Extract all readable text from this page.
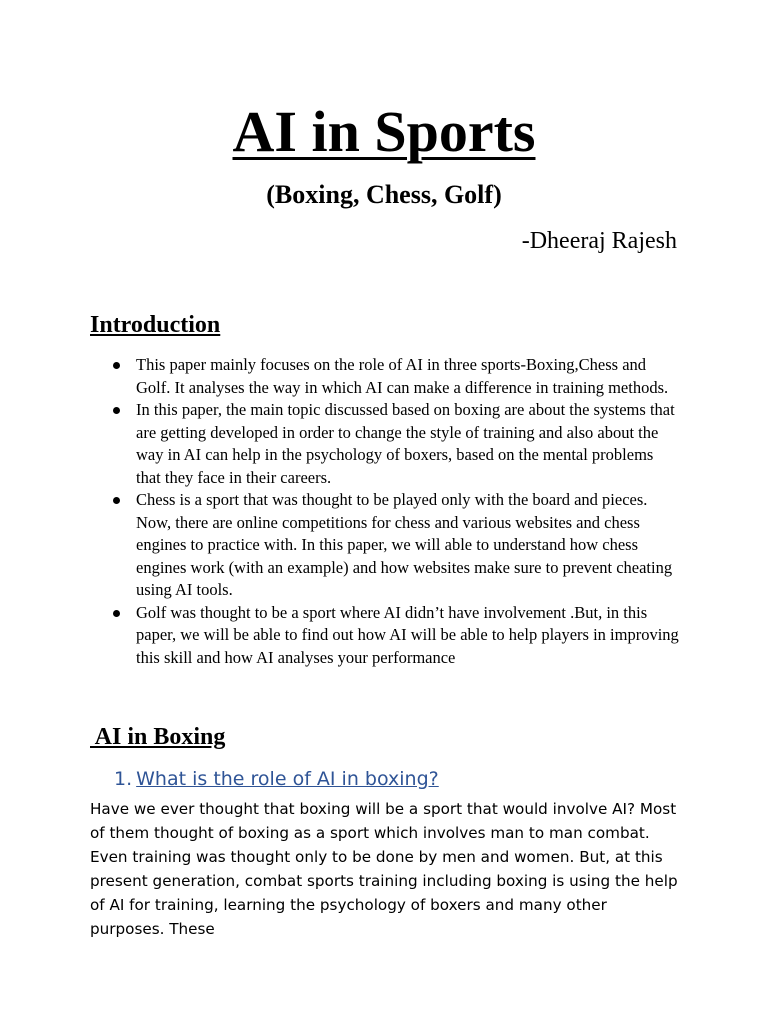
AI in Sports
(Boxing, Chess, Golf)
-Dheeraj Rajesh
Introduction
This paper mainly focuses on the role of AI in three sports-Boxing,Chess and Golf. It analyses the way in which AI can make a difference in training methods.
In this paper, the main topic discussed based on boxing are about the systems that are getting developed in order to change the style of training and also about the way in AI can help in the psychology of boxers, based on the mental problems that they face in their careers.
Chess is a sport that was thought to be played only with the board and pieces. Now, there are online competitions for chess and various websites and chess engines to practice with. In this paper, we will able to understand how chess engines work (with an example) and how websites make sure to prevent cheating using AI tools.
Golf was thought to be a sport where AI didn’t have involvement .But, in this paper, we will be able to find out how AI will be able to help players in improving this skill and how AI analyses your performance
AI in Boxing
1. What is the role of AI in boxing?

Have we ever thought that boxing will be a sport that would involve AI? Most of them thought of boxing as a sport which involves man to man combat. Even training was thought only to be done by men and women. But, at this present generation, combat sports training including boxing is using the help of AI for training, learning the psychology of boxers and many other purposes. These
